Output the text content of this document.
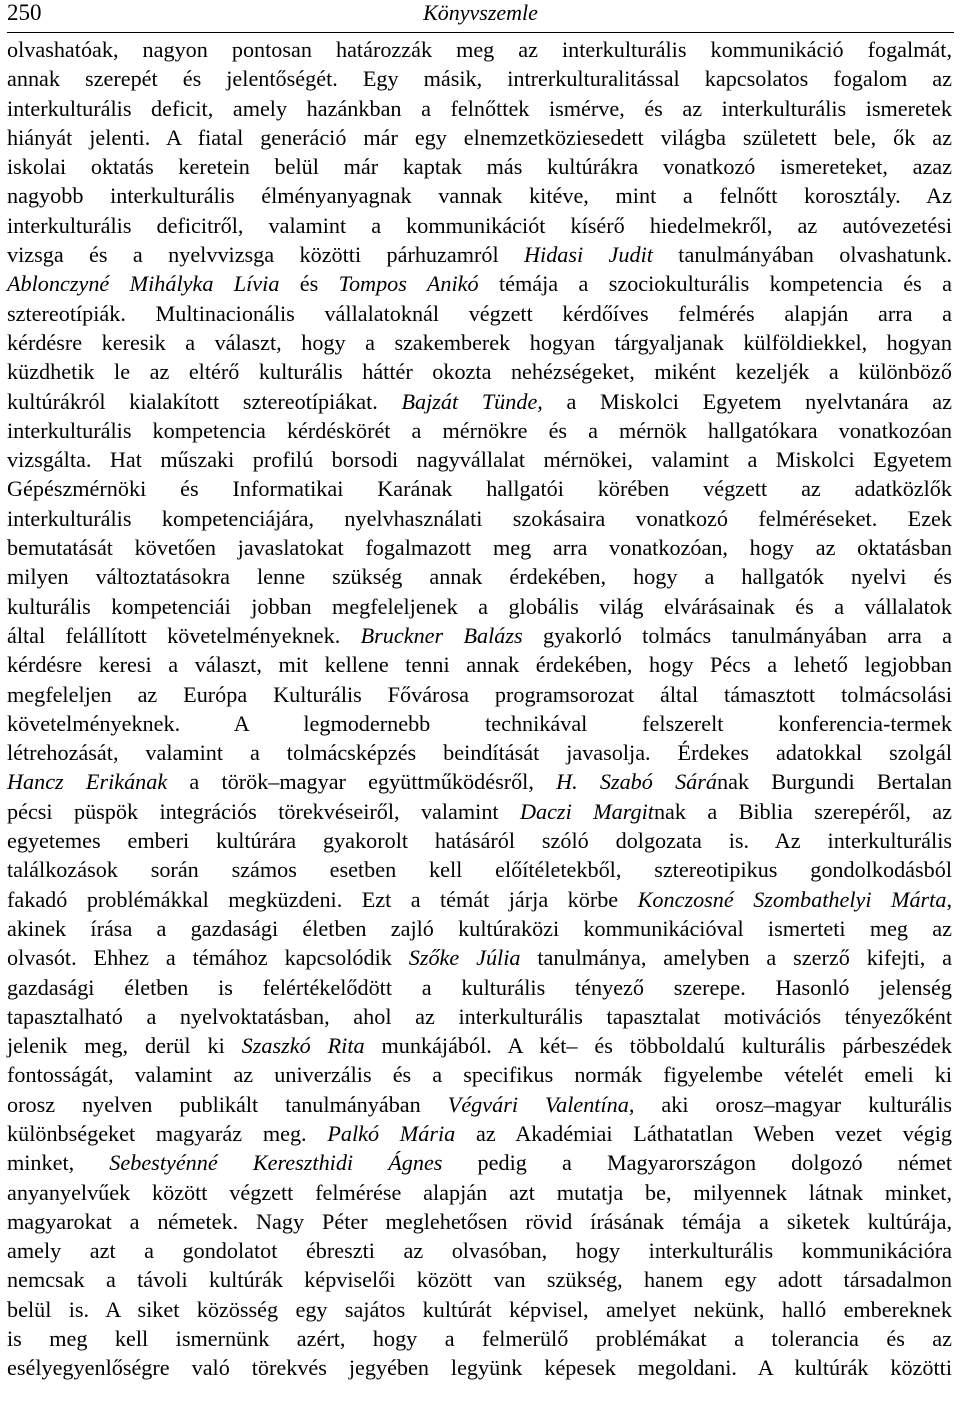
250	Könyvszemle
olvashatóak, nagyon pontosan határozzák meg az interkulturális kommunikáció fogalmát,
annak szerepét és jelentőségét. Egy másik, intrerkulturalitással kapcsolatos fogalom az
interkulturális deficit, amely hazánkban a felnőttek ismérve, és az interkulturális ismeretek
hiányát jelenti. A fiatal generáció már egy elnemzetköziesedett világba született bele, ők az
iskolai oktatás keretein belül már kaptak más kultúrákra vonatkozó ismereteket, azaz
nagyobb interkulturális élményanyagnak vannak kitéve, mint a felnőtt korosztály. Az
interkulturális deficitről, valamint a kommunikációt kísérő hiedelmekről, az autóvezetési
vizsga és a nyelvvizsga közötti párhuzamról Hidasi Judit tanulmányában olvashatunk.
Ablonczyné Mihályka Lívia és Tompos Anikó témája a szociokulturális kompetencia és a
sztereotípiák. Multinacionális vállalatoknál végzett kérdőíves felmérés alapján arra a
kérdésre keresik a választ, hogy a szakemberek hogyan tárgyaljanak külföldiekkel, hogyan
küzdhetik le az eltérő kulturális háttér okozta nehézségeket, miként kezeljék a különböző
kultúrákról kialakított sztereotípiákat. Bajzát Tünde, a Miskolci Egyetem nyelvtanára az
interkulturális kompetencia kérdéskörét a mérnökre és a mérnök hallgatókara vonatkozóan
vizsgálta. Hat műszaki profilú borsodi nagyvállalat mérnökei, valamint a Miskolci Egyetem
Gépészmérnöki és Informatikai Karának hallgatói körében végzett az adatközlők
interkulturális kompetenciájára, nyelvhasználati szokásaira vonatkozó felméréseket. Ezek
bemutatását követően javaslatokat fogalmazott meg arra vonatkozóan, hogy az oktatásban
milyen változtatásokra lenne szükség annak érdekében, hogy a hallgatók nyelvi és
kulturális kompetenciái jobban megfeleljenek a globális világ elvárásainak és a vállalatok
által felállított követelményeknek. Bruckner Balázs gyakorló tolmács tanulmányában arra a
kérdésre keresi a választ, mit kellene tenni annak érdekében, hogy Pécs a lehető legjobban
megfeleljen az Európa Kulturális Fővárosa programsorozat által támasztott tolmácsolási
követelményeknek. A legmodernebb technikával felszerelt konferencia-termek
létrehozását, valamint a tolmácsképzés beindítását javasolja. Érdekes adatokkal szolgál
Hancz Erikának a török–magyar együttműködésről, H. Szabó Sárának Burgundi Bertalan
pécsi püspök integrációs törekvéseiről, valamint Daczi Margitnak a Biblia szerepéről, az
egyetemes emberi kultúrára gyakorolt hatásáról szóló dolgozata is. Az interkulturális
találkozások során számos esetben kell előítéletekből, sztereotipikus gondolkodásból
fakadó problémákkal megküzdeni. Ezt a témát járja körbe Konczosné Szombathelyi Márta,
akinek írása a gazdasági életben zajló kultúraközi kommunikációval ismerteti meg az
olvasót. Ehhez a témához kapcsolódik Szőke Júlia tanulmánya, amelyben a szerző kifejti, a
gazdasági életben is felértékelődött a kulturális tényező szerepe. Hasonló jelenség
tapasztalható a nyelvoktatásban, ahol az interkulturális tapasztalat motivációs tényezőként
jelenik meg, derül ki Szaszkó Rita munkájából. A két– és többoldalú kulturális párbeszédek
fontosságát, valamint az univerzális és a specifikus normák figyelembe vételét emeli ki
orosz nyelven publikált tanulmányában Végvári Valentína, aki orosz–magyar kulturális
különbségeket magyaráz meg. Palkó Mária az Akadémiai Láthatatlan Weben vezet végig
minket, Sebestyénné Kereszthidi Ágnes pedig a Magyarországon dolgozó német
anyanyelvűek között végzett felmérése alapján azt mutatja be, milyennek látnak minket,
magyarokat a németek. Nagy Péter meglehetősen rövid írásának témája a siketek kultúrája,
amely azt a gondolatot ébreszti az olvasóban, hogy interkulturális kommunikációra
nemcsak a távoli kultúrák képviselői között van szükség, hanem egy adott társadalmon
belül is. A siket közösség egy sajátos kultúrát képvisel, amelyet nekünk, halló embereknek
is meg kell ismernünk azért, hogy a felmerülő problémákat a tolerancia és az
esélyegyenlőségre való törekvés jegyében legyünk képesek megoldani. A kultúrák közötti
